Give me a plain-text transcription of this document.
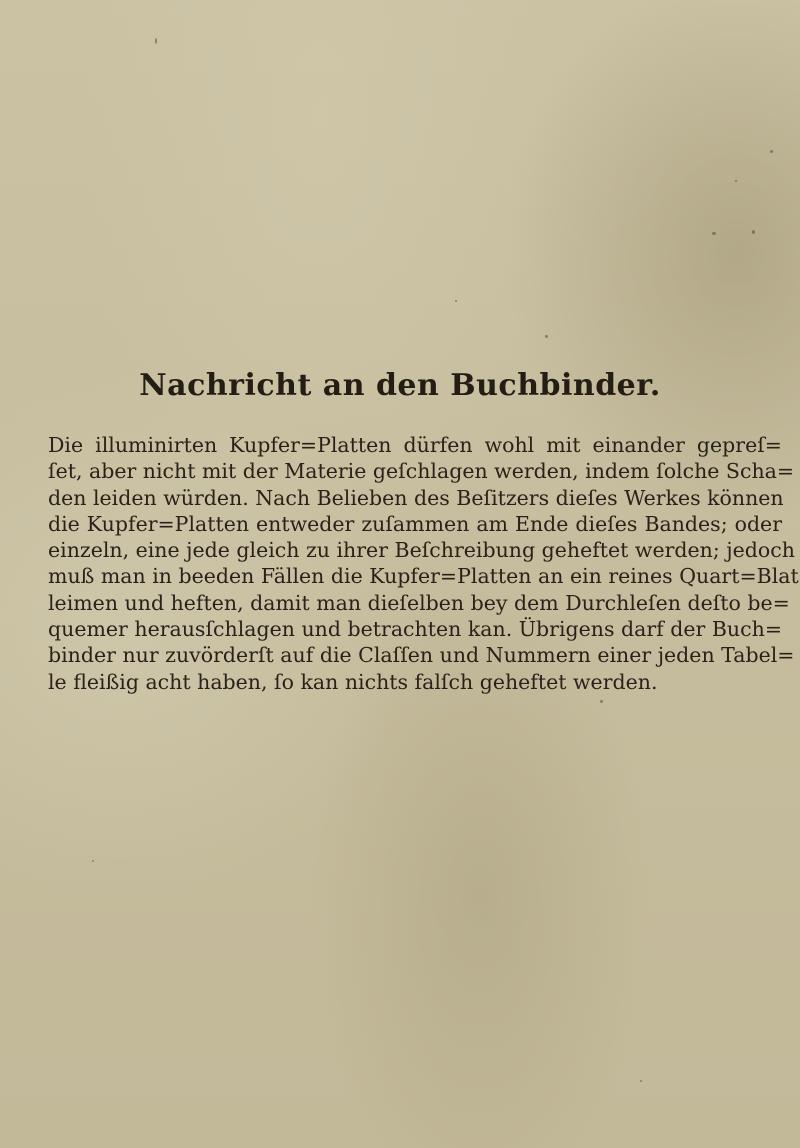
Nachricht an den Buchbinder.
Die illuminirten Kupfer=Platten dürfen wohl mit einander gepreſ=
ſet, aber nicht mit der Materie geſchlagen werden, indem ſolche Scha=
den leiden würden. Nach Belieben des Beſitzers dieſes Werkes können
die Kupfer=Platten entweder zuſammen am Ende dieſes Bandes; oder
einzeln, eine jede gleich zu ihrer Beſchreibung geheftet werden; jedoch
muß man in beeden Fällen die Kupfer=Platten an ein reines Quart=Blat
leimen und heften, damit man dieſelben bey dem Durchleſen deſto be=
quemer herausſchlagen und betrachten kan. Übrigens darf der Buch=
binder nur zuvörderſt auf die Claſſen und Nummern einer jeden Tabel=
le fleißig acht haben, ſo kan nichts falſch geheftet werden.
